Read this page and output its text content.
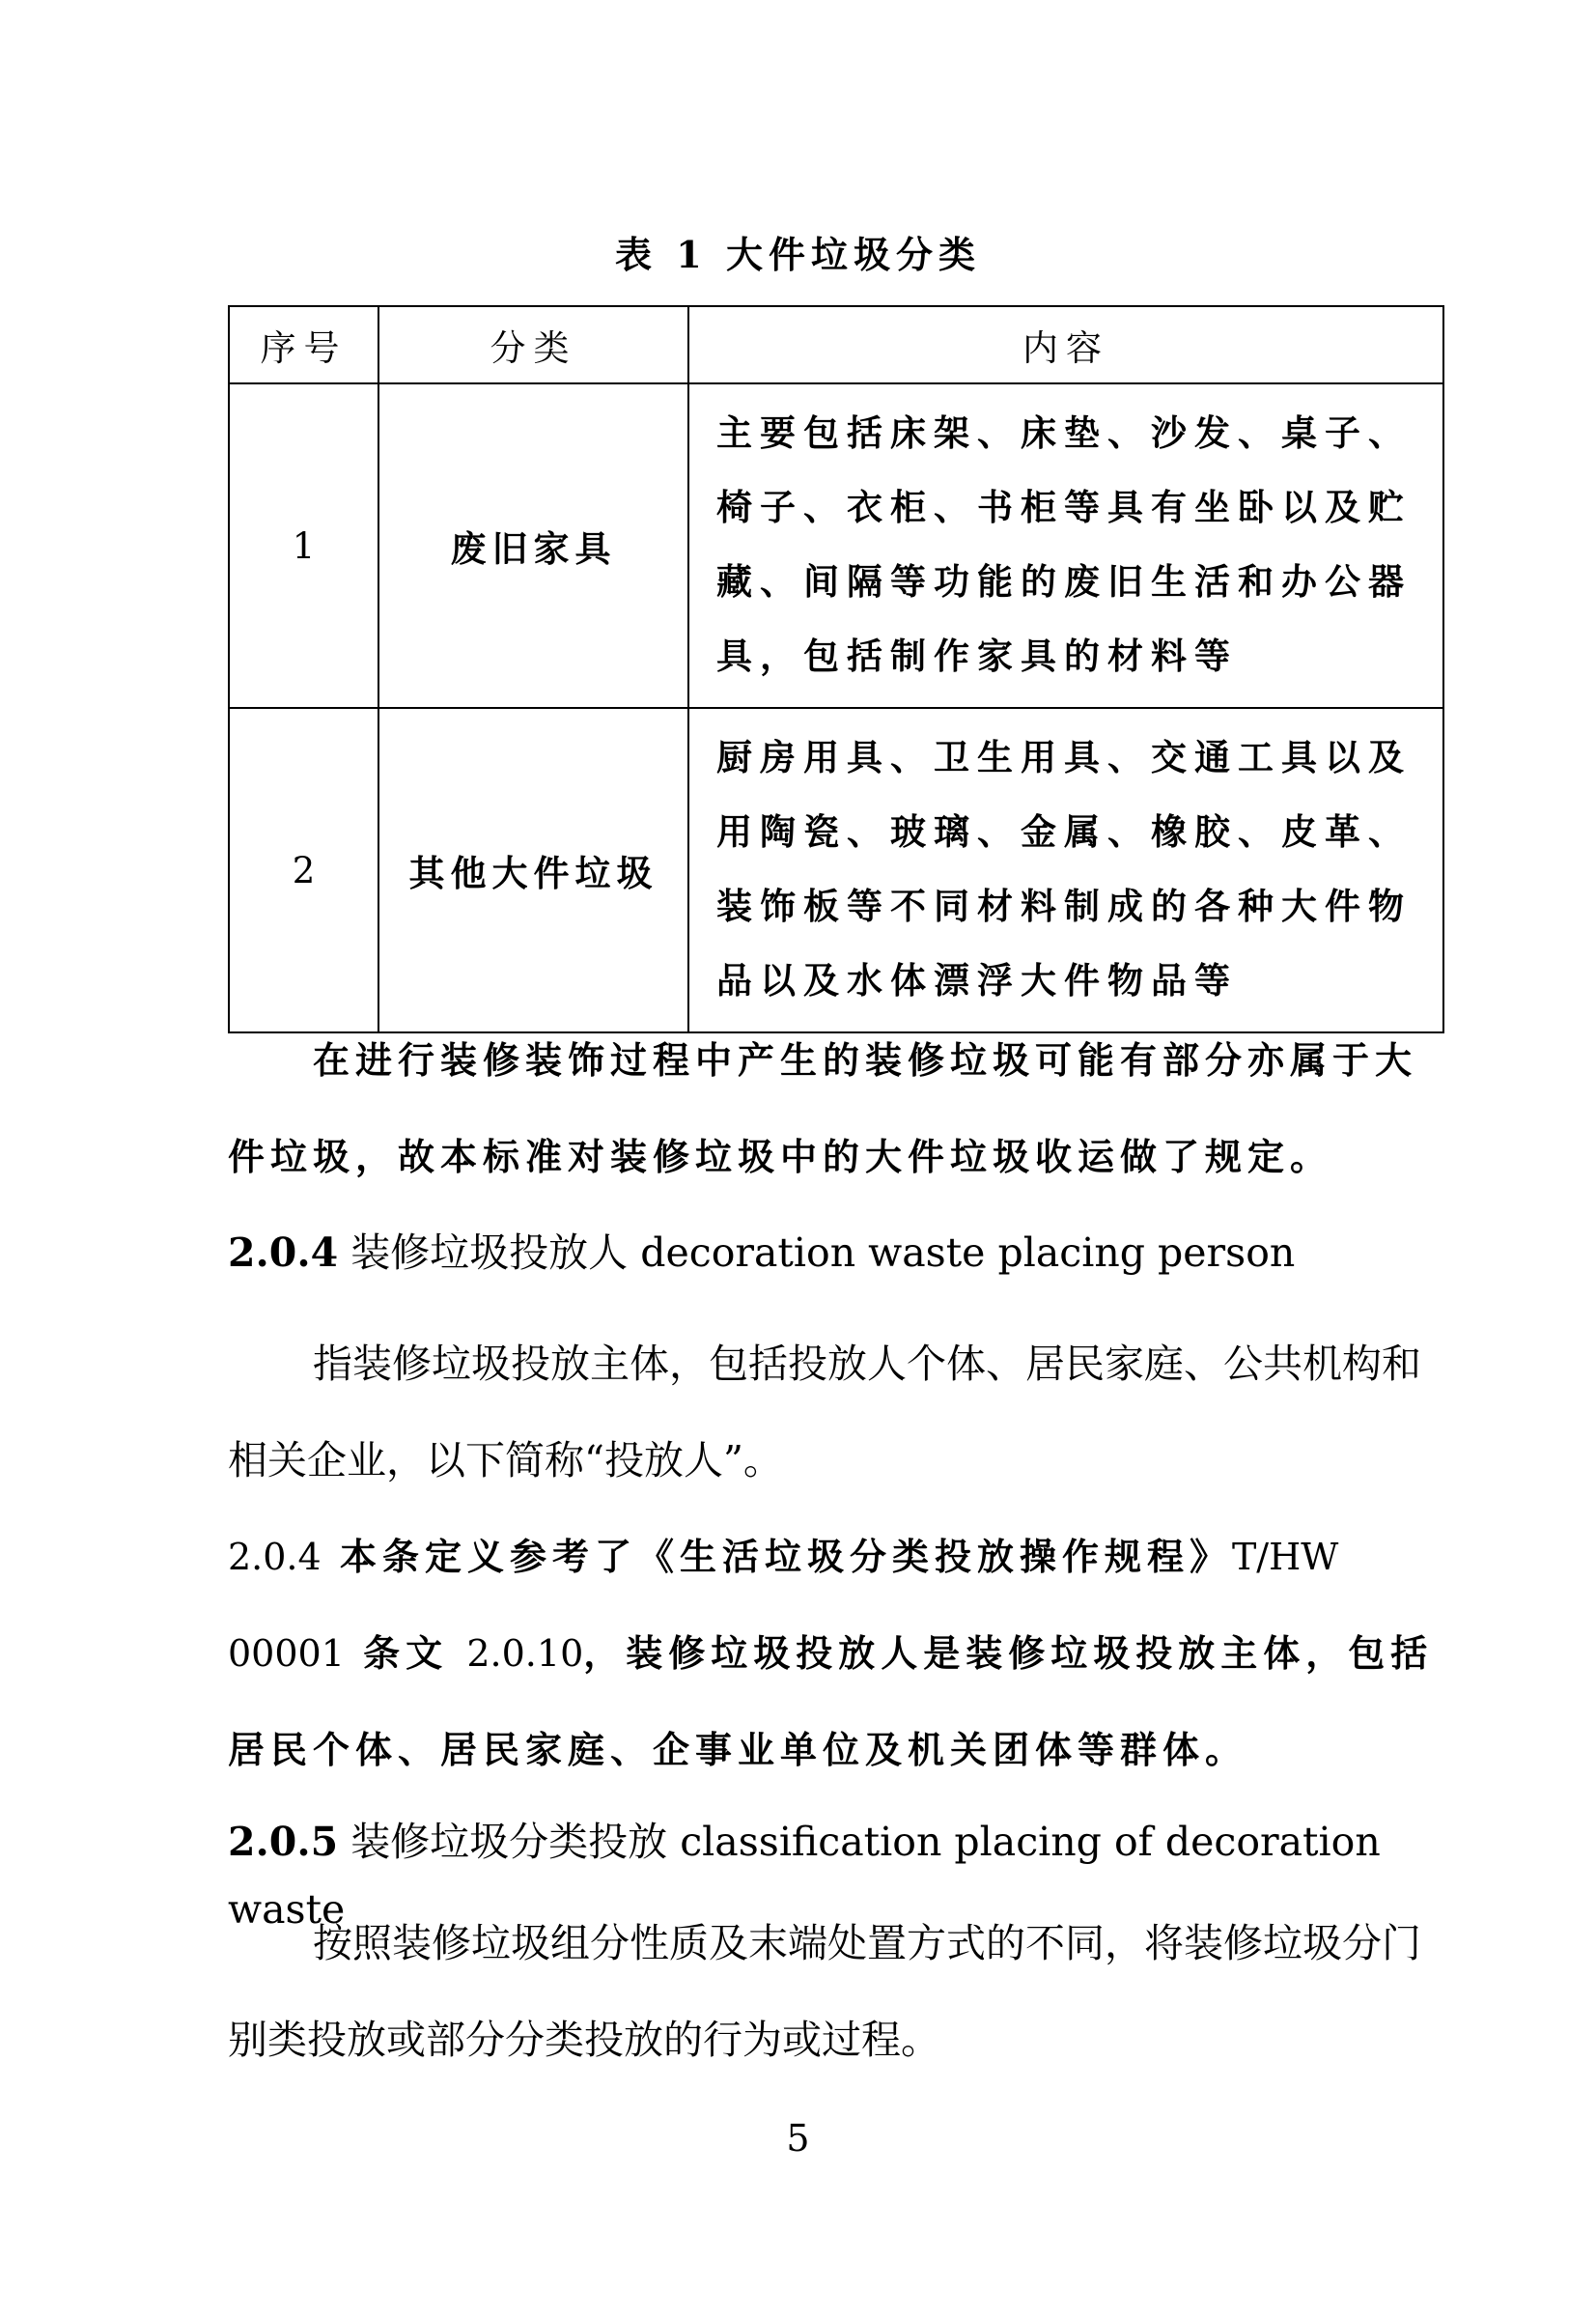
表 1 大件垃圾分类
序号	分类	内容
1	废旧家具	主要包括床架、床垫、沙发、桌子、椅子、衣柜、书柜等具有坐卧以及贮藏、间隔等功能的废旧生活和办公器具，包括制作家具的材料等
2	其他大件垃圾	厨房用具、卫生用具、交通工具以及用陶瓷、玻璃、金属、橡胶、皮革、装饰板等不同材料制成的各种大件物品以及水体漂浮大件物品等
在进行装修装饰过程中产生的装修垃圾可能有部分亦属于大件垃圾，故本标准对装修垃圾中的大件垃圾收运做了规定。
2.0.4 装修垃圾投放人 decoration waste placing person
指装修垃圾投放主体，包括投放人个体、居民家庭、公共机构和相关企业，以下简称“投放人”。
2.0.4 本条定义参考了《生活垃圾分类投放操作规程》T/HW 00001 条文 2.0.10，装修垃圾投放人是装修垃圾投放主体，包括居民个体、居民家庭、企事业单位及机关团体等群体。
2.0.5 装修垃圾分类投放 classification placing of decoration waste
按照装修垃圾组分性质及末端处置方式的不同，将装修垃圾分门别类投放或部分分类投放的行为或过程。
5
